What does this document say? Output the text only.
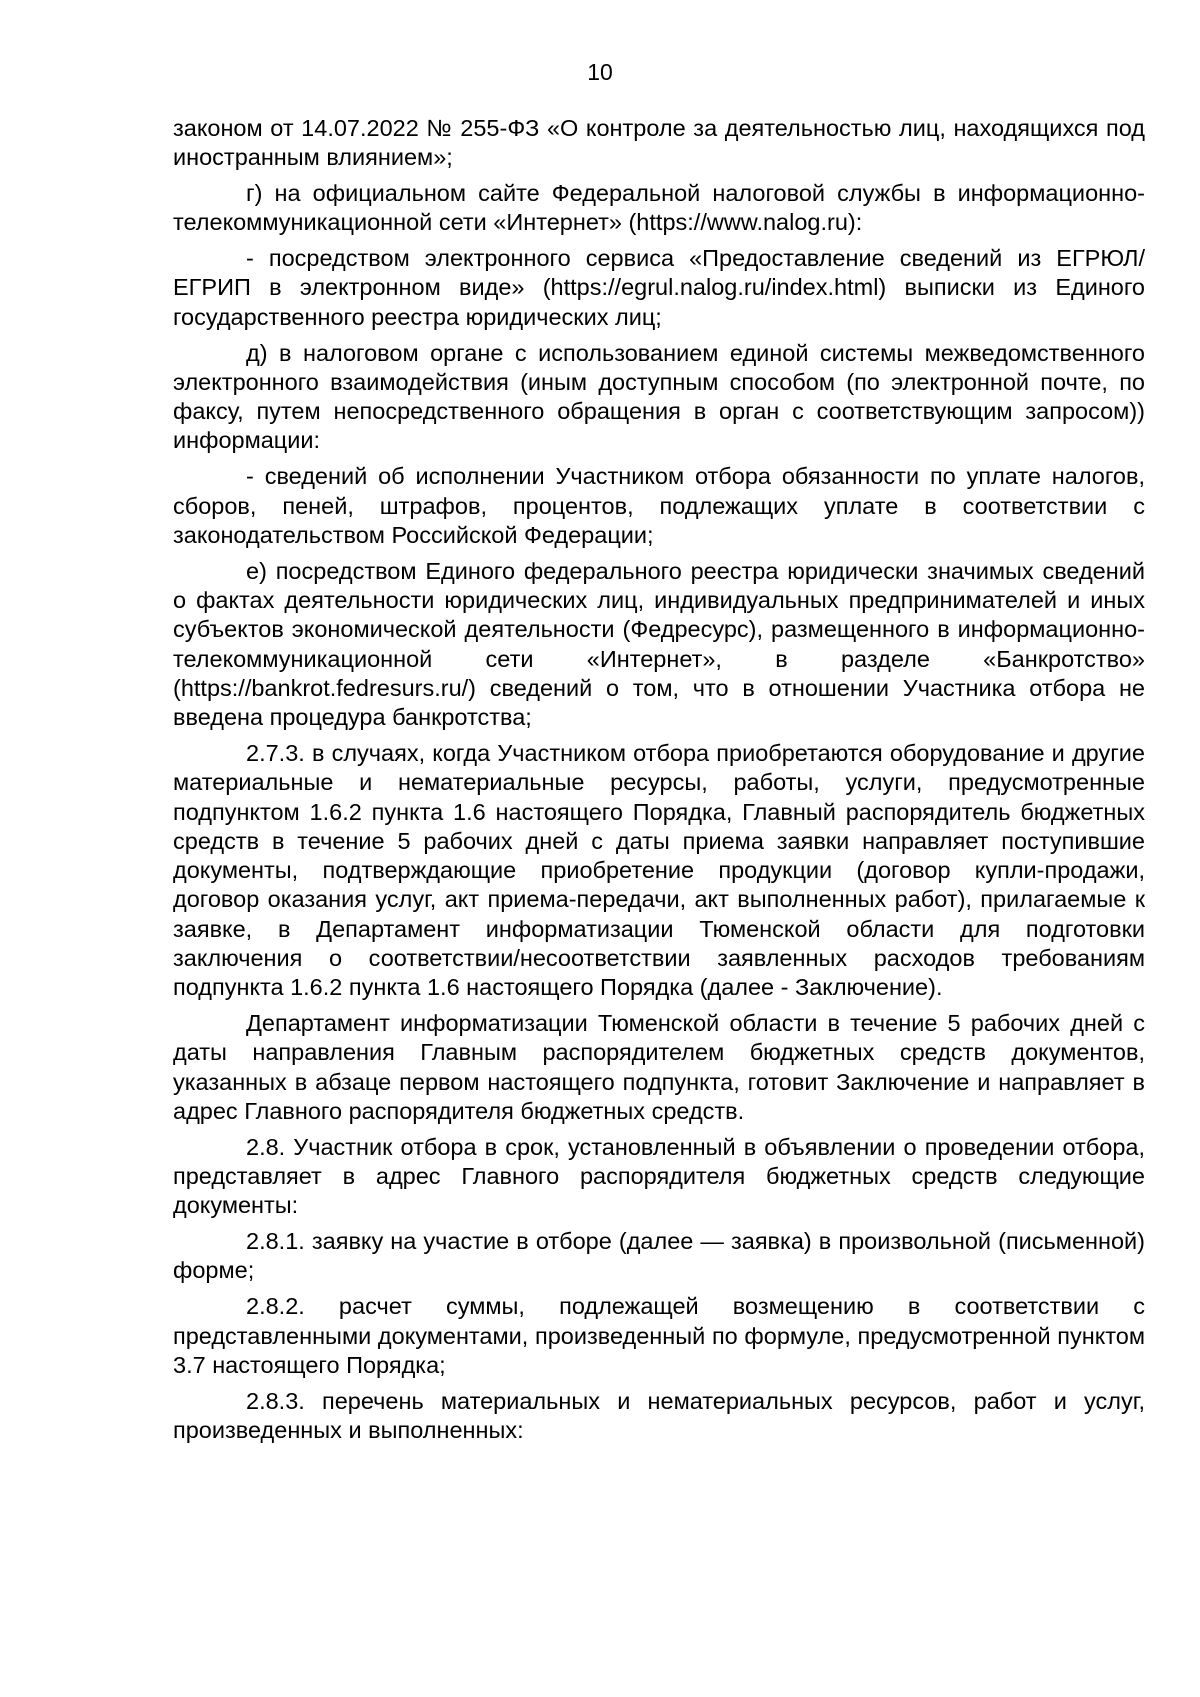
10

законом от 14.07.2022 № 255-ФЗ «О контроле за деятельностью лиц, находящихся под иностранным влиянием»;

г) на официальном сайте Федеральной налоговой службы в информационно-телекоммуникационной сети «Интернет» (https://www.nalog.ru):

- посредством электронного сервиса «Предоставление сведений из ЕГРЮЛ/ЕГРИП в электронном виде» (https://egrul.nalog.ru/index.html) выписки из Единого государственного реестра юридических лиц;

д) в налоговом органе с использованием единой системы межведомственного электронного взаимодействия (иным доступным способом (по электронной почте, по факсу, путем непосредственного обращения в орган с соответствующим запросом)) информации:

- сведений об исполнении Участником отбора обязанности по уплате налогов, сборов, пеней, штрафов, процентов, подлежащих уплате в соответствии с законодательством Российской Федерации;

е) посредством Единого федерального реестра юридически значимых сведений о фактах деятельности юридических лиц, индивидуальных предпринимателей и иных субъектов экономической деятельности (Федресурс), размещенного в информационно-телекоммуникационной сети «Интернет», в разделе «Банкротство» (https://bankrot.fedresurs.ru/) сведений о том, что в отношении Участника отбора не введена процедура банкротства;

2.7.3. в случаях, когда Участником отбора приобретаются оборудование и другие материальные и нематериальные ресурсы, работы, услуги, предусмотренные подпунктом 1.6.2 пункта 1.6 настоящего Порядка, Главный распорядитель бюджетных средств в течение 5 рабочих дней с даты приема заявки направляет поступившие документы, подтверждающие приобретение продукции (договор купли-продажи, договор оказания услуг, акт приема-передачи, акт выполненных работ), прилагаемые к заявке, в Департамент информатизации Тюменской области для подготовки заключения о соответствии/несоответствии заявленных расходов требованиям подпункта 1.6.2 пункта 1.6 настоящего Порядка (далее - Заключение).

Департамент информатизации Тюменской области в течение 5 рабочих дней с даты направления Главным распорядителем бюджетных средств документов, указанных в абзаце первом настоящего подпункта, готовит Заключение и направляет в адрес Главного распорядителя бюджетных средств.

2.8. Участник отбора в срок, установленный в объявлении о проведении отбора, представляет в адрес Главного распорядителя бюджетных средств следующие документы:

2.8.1. заявку на участие в отборе (далее — заявка) в произвольной (письменной) форме;

2.8.2. расчет суммы, подлежащей возмещению в соответствии с представленными документами, произведенный по формуле, предусмотренной пунктом 3.7 настоящего Порядка;

2.8.3. перечень материальных и нематериальных ресурсов, работ и услуг, произведенных и выполненных:
